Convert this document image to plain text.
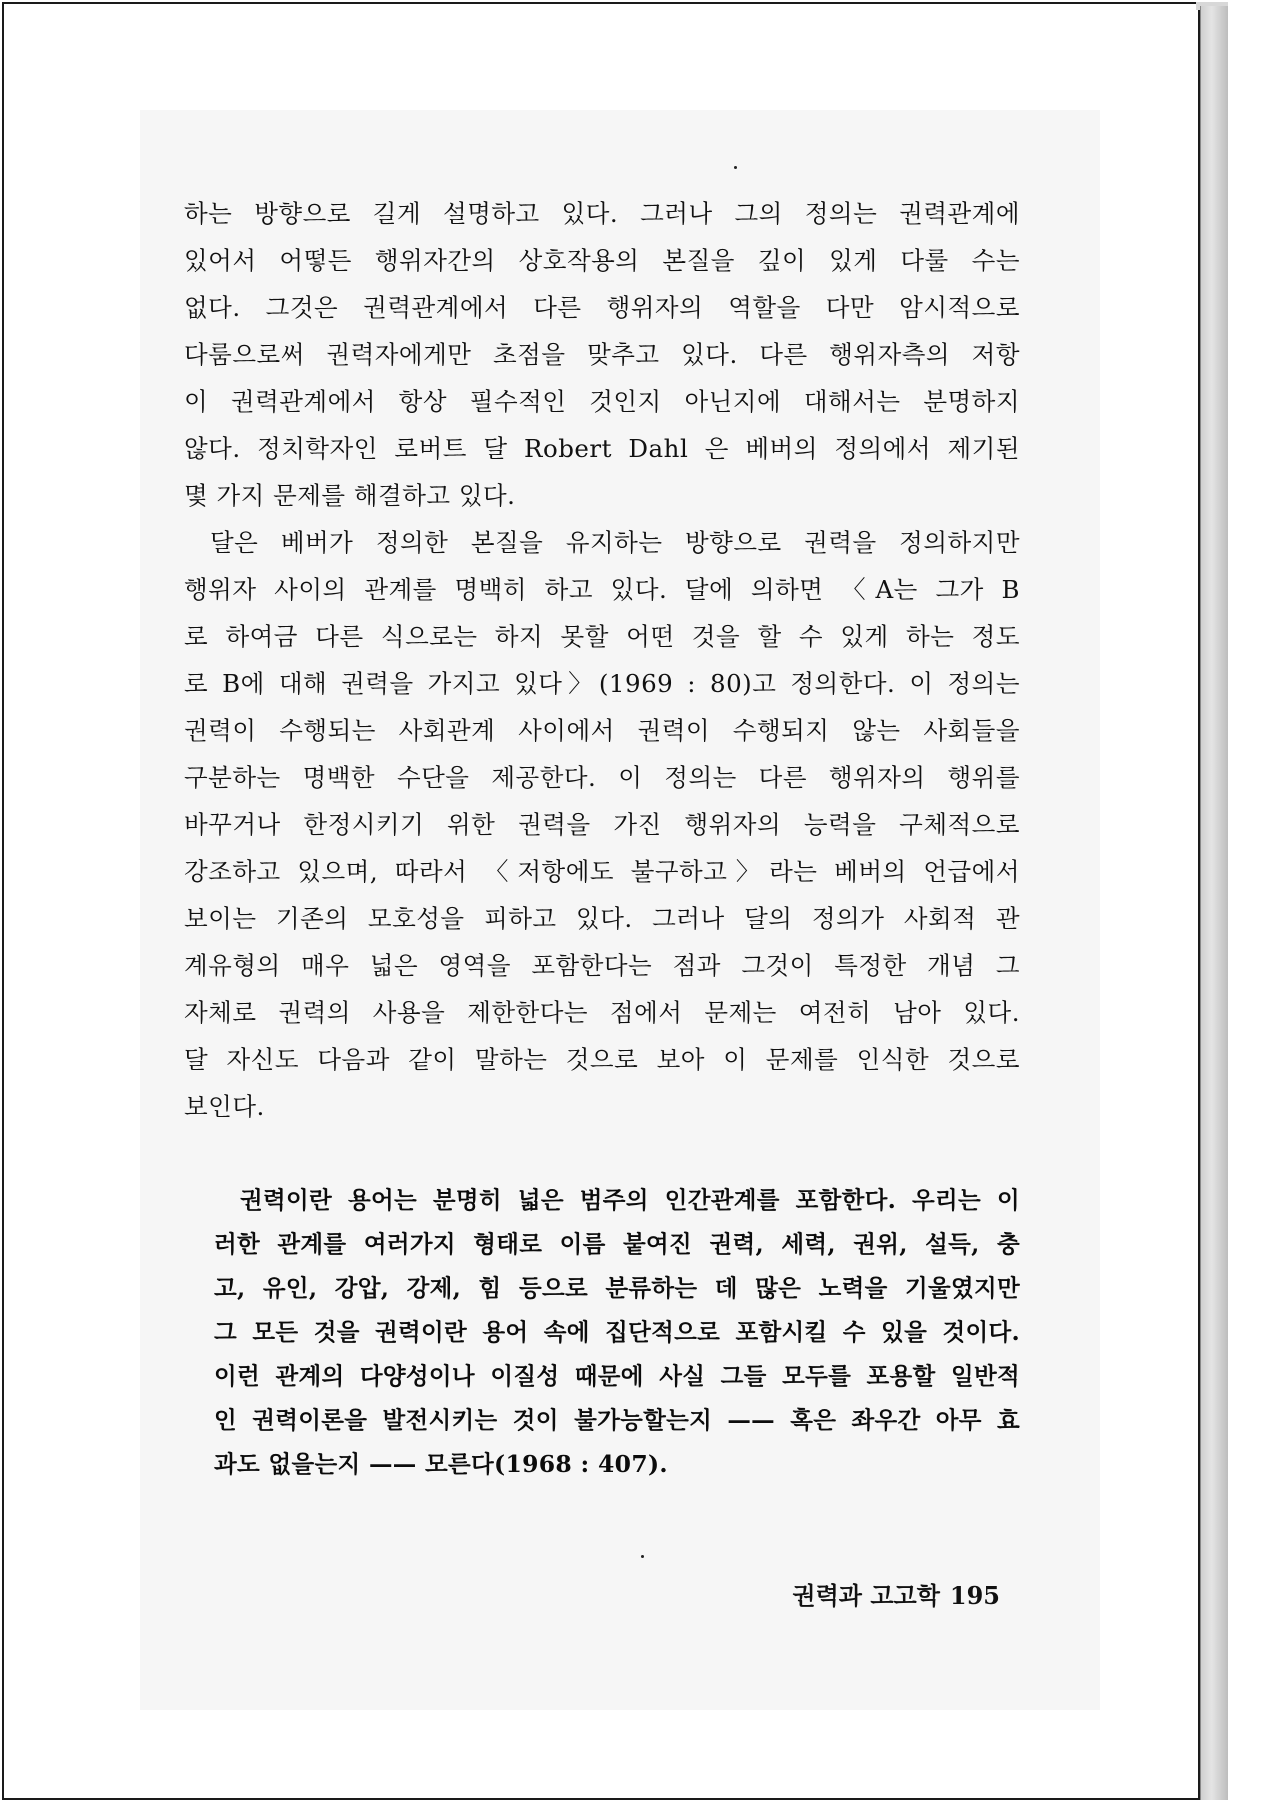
하는 방향으로 길게 설명하고 있다. 그러나 그의 정의는 권력관계에
있어서 어떻든 행위자간의 상호작용의 본질을 깊이 있게 다룰 수는
없다. 그것은 권력관계에서 다른 행위자의 역할을 다만 암시적으로
다룸으로써 권력자에게만 초점을 맞추고 있다. 다른 행위자측의 저항
이 권력관계에서 항상 필수적인 것인지 아닌지에 대해서는 분명하지
않다. 정치학자인 로버트 달 Robert Dahl 은 베버의 정의에서 제기된
몇 가지 문제를 해결하고 있다.
달은 베버가 정의한 본질을 유지하는 방향으로 권력을 정의하지만
행위자 사이의 관계를 명백히 하고 있다. 달에 의하면 〈A는 그가 B
로 하여금 다른 식으로는 하지 못할 어떤 것을 할 수 있게 하는 정도
로 B에 대해 권력을 가지고 있다〉(1969 : 80)고 정의한다. 이 정의는
권력이 수행되는 사회관계 사이에서 권력이 수행되지 않는 사회들을
구분하는 명백한 수단을 제공한다. 이 정의는 다른 행위자의 행위를
바꾸거나 한정시키기 위한 권력을 가진 행위자의 능력을 구체적으로
강조하고 있으며, 따라서 〈저항에도 불구하고〉라는 베버의 언급에서
보이는 기존의 모호성을 피하고 있다. 그러나 달의 정의가 사회적 관
계유형의 매우 넓은 영역을 포함한다는 점과 그것이 특정한 개념 그
자체로 권력의 사용을 제한한다는 점에서 문제는 여전히 남아 있다.
달 자신도 다음과 같이 말하는 것으로 보아 이 문제를 인식한 것으로
보인다.
권력이란 용어는 분명히 넓은 범주의 인간관계를 포함한다. 우리는 이
러한 관계를 여러가지 형태로 이름 붙여진 권력, 세력, 권위, 설득, 충
고, 유인, 강압, 강제, 힘 등으로 분류하는 데 많은 노력을 기울였지만
그 모든 것을 권력이란 용어 속에 집단적으로 포함시킬 수 있을 것이다.
이런 관계의 다양성이나 이질성 때문에 사실 그들 모두를 포용할 일반적
인 권력이론을 발전시키는 것이 불가능할는지 —— 혹은 좌우간 아무 효
과도 없을는지 —— 모른다(1968 : 407).
권력과 고고학 195
